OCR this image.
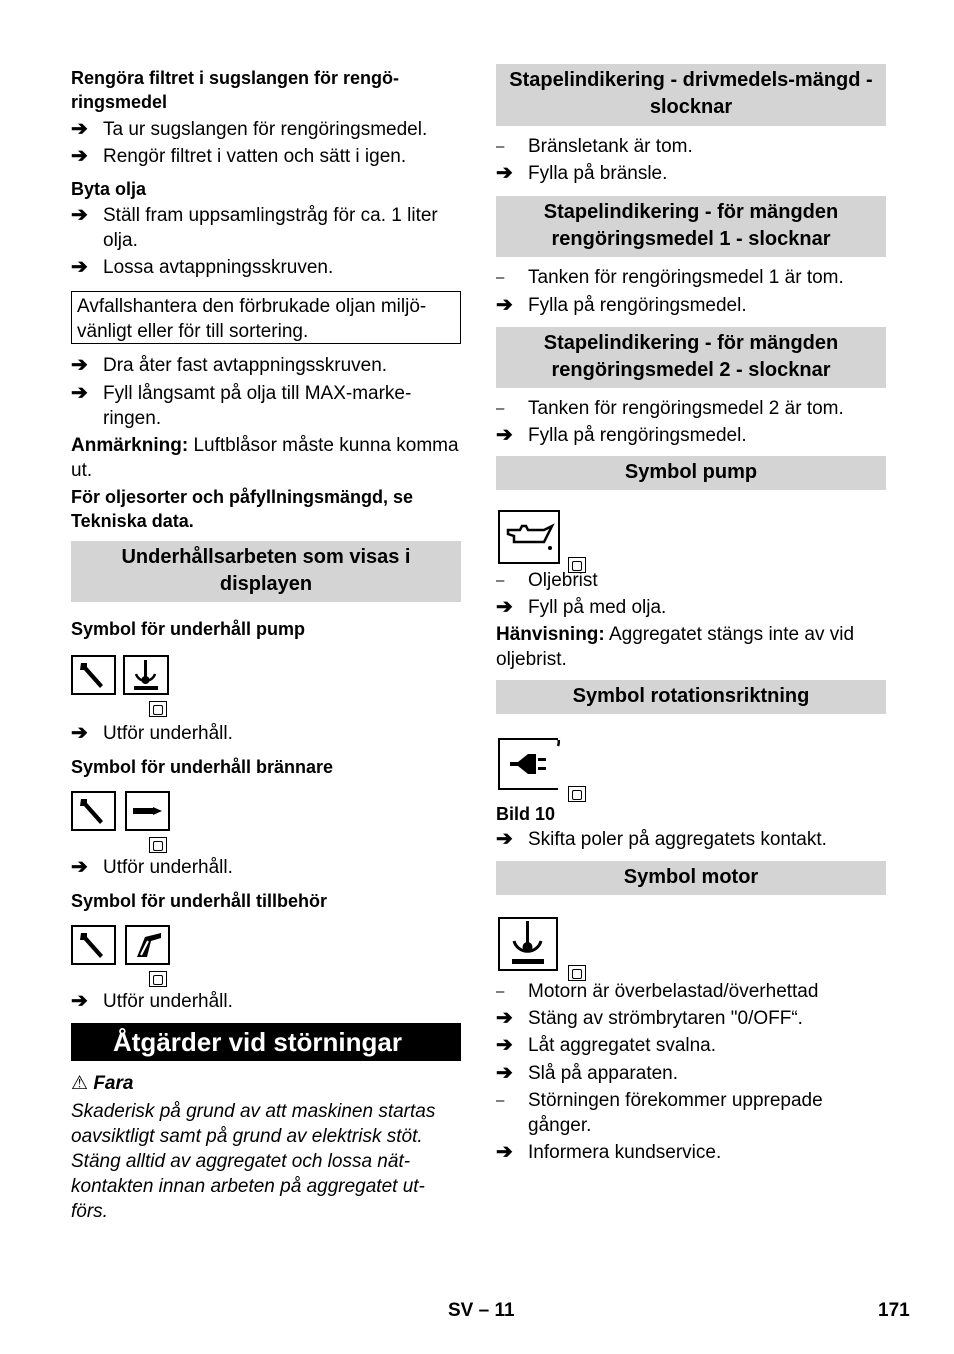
Rengöra filtret i sugslangen för rengö-ringsmedel
➔ Ta ur sugslangen för rengöringsmedel.
➔ Rengör filtret i vatten och sätt i igen.
Byta olja
➔ Ställ fram uppsamlingstråg för ca. 1 liter olja.
➔ Lossa avtappningsskruven.
Avfallshantera den förbrukade oljan miljö-vänligt eller för till sortering.
➔ Dra åter fast avtappningsskruven.
➔ Fyll långsamt på olja till MAX-marke-ringen.
Anmärkning: Luftblåsor måste kunna komma ut.
För oljesorter och påfyllningsmängd, se Tekniska data.
Underhållsarbeten som visas i displayen
Symbol för underhåll pump
➔ Utför underhåll.
Symbol för underhåll brännare
➔ Utför underhåll.
Symbol för underhåll tillbehör
➔ Utför underhåll.
Åtgärder vid störningar
⚠ Fara
Skaderisk på grund av att maskinen startas oavsiktligt samt på grund av elektrisk stöt. Stäng alltid av aggregatet och lossa nät-kontakten innan arbeten på aggregatet ut-förs.
Stapelindikering - drivmedels-mängd - slocknar
–	Bränsletank är tom.
➔ Fylla på bränsle.
Stapelindikering - för mängden rengöringsmedel 1 - slocknar
–	Tanken för rengöringsmedel 1 är tom.
➔ Fylla på rengöringsmedel.
Stapelindikering - för mängden rengöringsmedel 2 - slocknar
–	Tanken för rengöringsmedel 2 är tom.
➔ Fylla på rengöringsmedel.
Symbol pump
–	Oljebrist
➔ Fyll på med olja.
Hänvisning: Aggregatet stängs inte av vid oljebrist.
Symbol rotationsriktning
Bild 10
➔ Skifta poler på aggregatets kontakt.
Symbol motor
–	Motorn är överbelastad/överhettad
➔ Stäng av strömbrytaren "0/OFF“.
➔ Låt aggregatet svalna.
➔ Slå på apparaten.
–	Störningen förekommer upprepade gånger.
➔ Informera kundservice.
SV – 11	171
